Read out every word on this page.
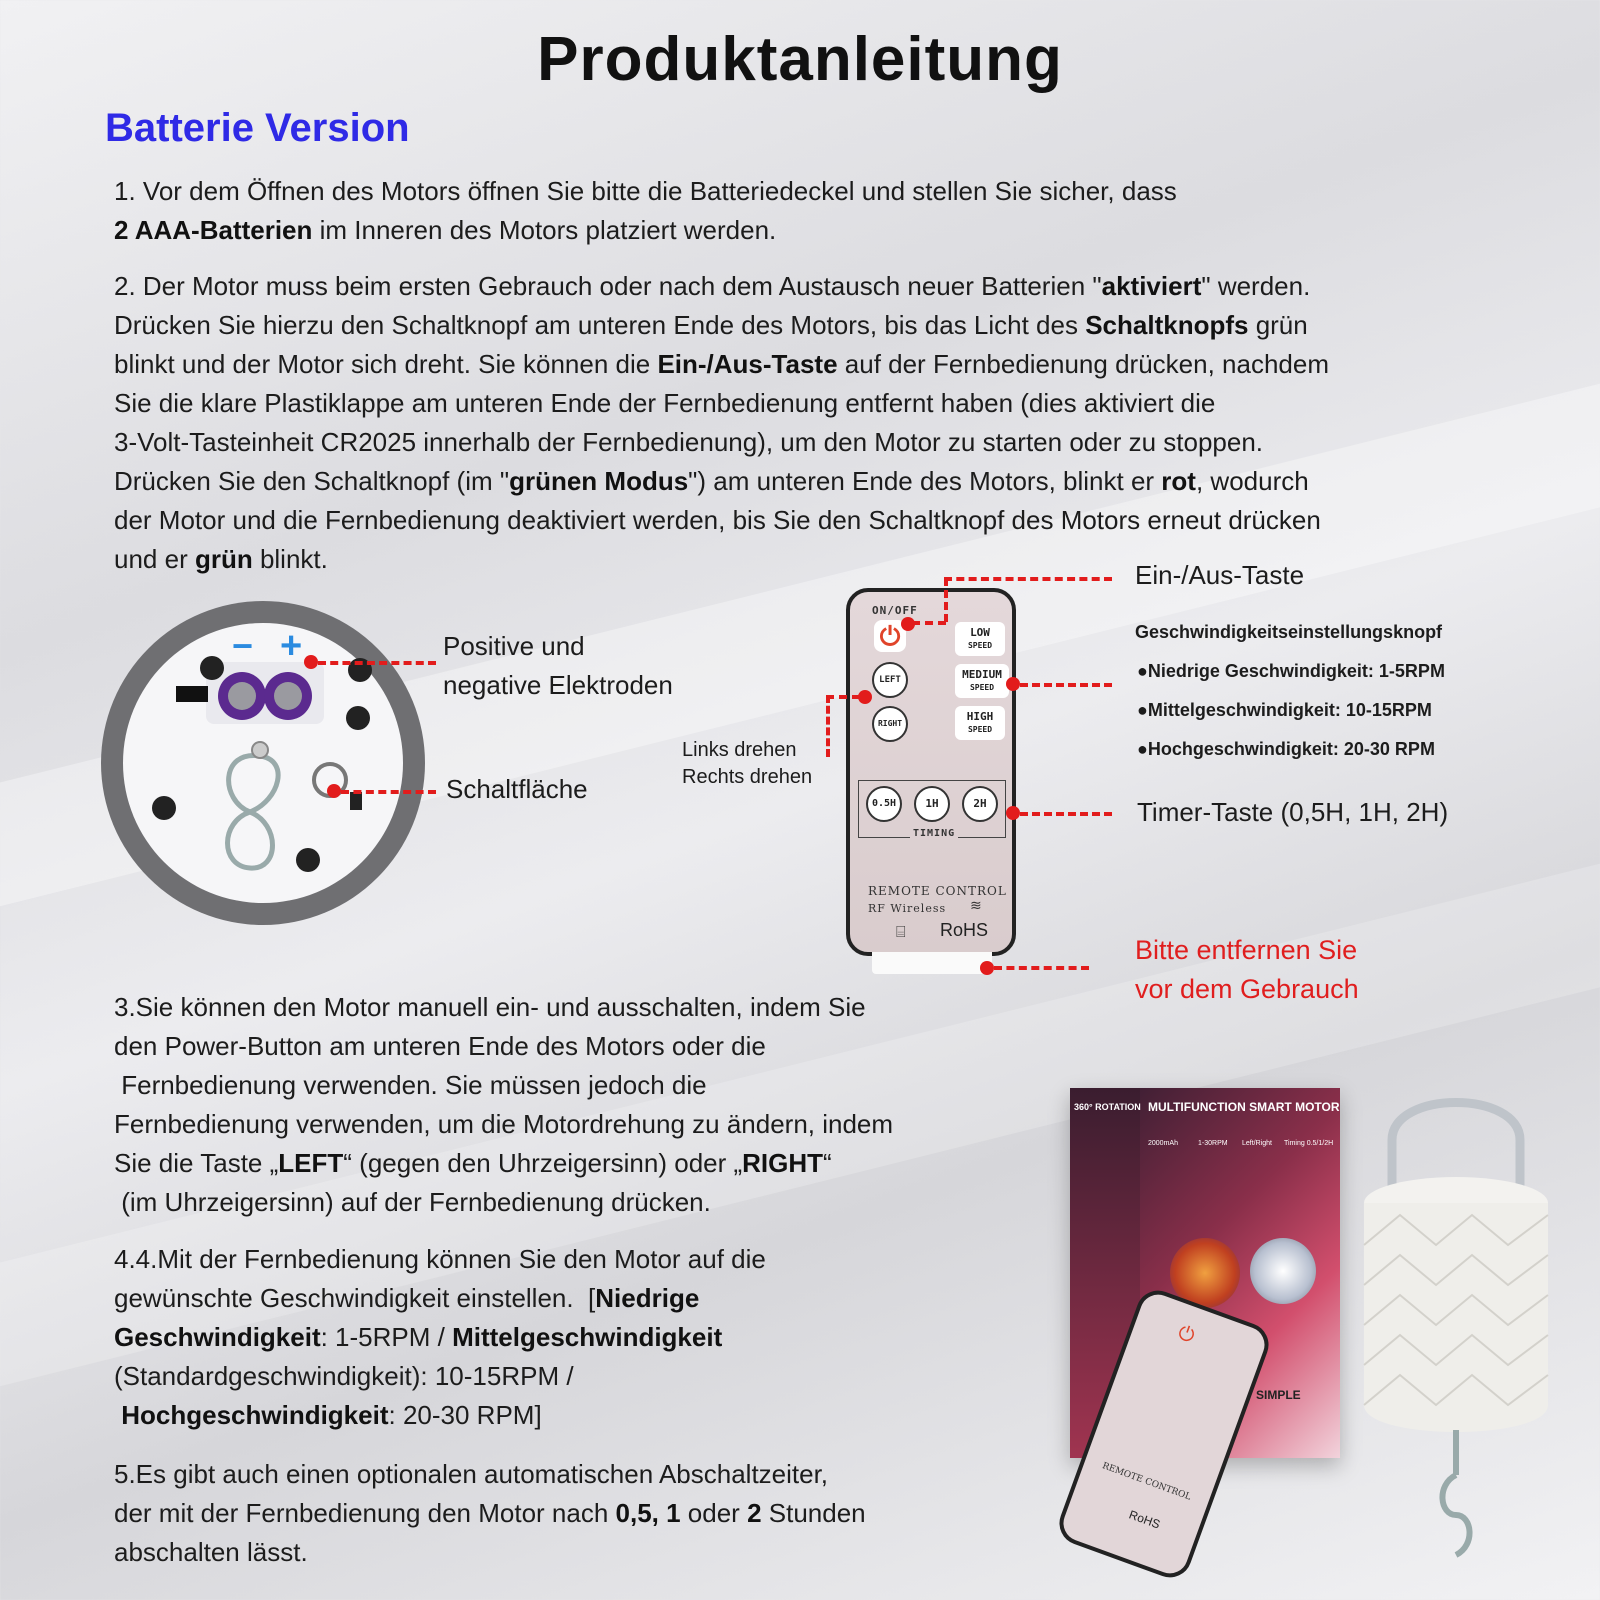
Produktanleitung
Batterie Version
1. Vor dem Öffnen des Motors öffnen Sie bitte die Batteriedeckel und stellen Sie sicher, dass
2 AAA-Batterien im Inneren des Motors platziert werden.
2. Der Motor muss beim ersten Gebrauch oder nach dem Austausch neuer Batterien "aktiviert" werden.
Drücken Sie hierzu den Schaltknopf am unteren Ende des Motors, bis das Licht des Schaltknopfs grün
blinkt und der Motor sich dreht. Sie können die Ein-/Aus-Taste auf der Fernbedienung drücken, nachdem
Sie die klare Plastiklappe am unteren Ende der Fernbedienung entfernt haben (dies aktiviert die
3-Volt-Tasteinheit CR2025 innerhalb der Fernbedienung), um den Motor zu starten oder zu stoppen.
Drücken Sie den Schaltknopf (im "grünen Modus") am unteren Ende des Motors, blinkt er rot, wodurch
der Motor und die Fernbedienung deaktiviert werden, bis Sie den Schaltknopf des Motors erneut drücken
und er grün blinkt.
− +	Positive und
negative Elektroden
Schaltfläche
Links drehen
Rechts drehen
ON/OFF
⏻	LOW
SPEED
MEDIUM
SPEED
HIGH
SPEED
LEFT
RIGHT
0.5H	1H	2H
TIMING
REMOTE CONTROL
RF Wireless ≋
⌸ RoHS
Ein-/Aus-Taste
Geschwindigkeitseinstellungsknopf
●Niedrige Geschwindigkeit: 1-5RPM
●Mittelgeschwindigkeit: 10-15RPM
●Hochgeschwindigkeit: 20-30 RPM
Timer-Taste (0,5H, 1H, 2H)
Bitte entfernen Sie
vor dem Gebrauch
3.Sie können den Motor manuell ein- und ausschalten, indem Sie
den Power-Button am unteren Ende des Motors oder die
Fernbedienung verwenden. Sie müssen jedoch die
Fernbedienung verwenden, um die Motordrehung zu ändern, indem
Sie die Taste „LEFT“ (gegen den Uhrzeigersinn) oder „RIGHT“
(im Uhrzeigersinn) auf der Fernbedienung drücken.
4.4.Mit der Fernbedienung können Sie den Motor auf die
gewünschte Geschwindigkeit einstellen.  [Niedrige
Geschwindigkeit: 1-5RPM / Mittelgeschwindigkeit
(Standardgeschwindigkeit): 10-15RPM /
Hochgeschwindigkeit: 20-30 RPM]
5.Es gibt auch einen optionalen automatischen Abschaltzeiter,
der mit der Fernbedienung den Motor nach 0,5, 1 oder 2 Stunden
abschalten lässt.
360° ROTATION MULTIFUNCTION SMART MOTOR
2000mAh	1-30RPM Left/Right Timing 0.5/1/2H
SIMPLE
⏻
REMOTE CONTROL
RoHS
